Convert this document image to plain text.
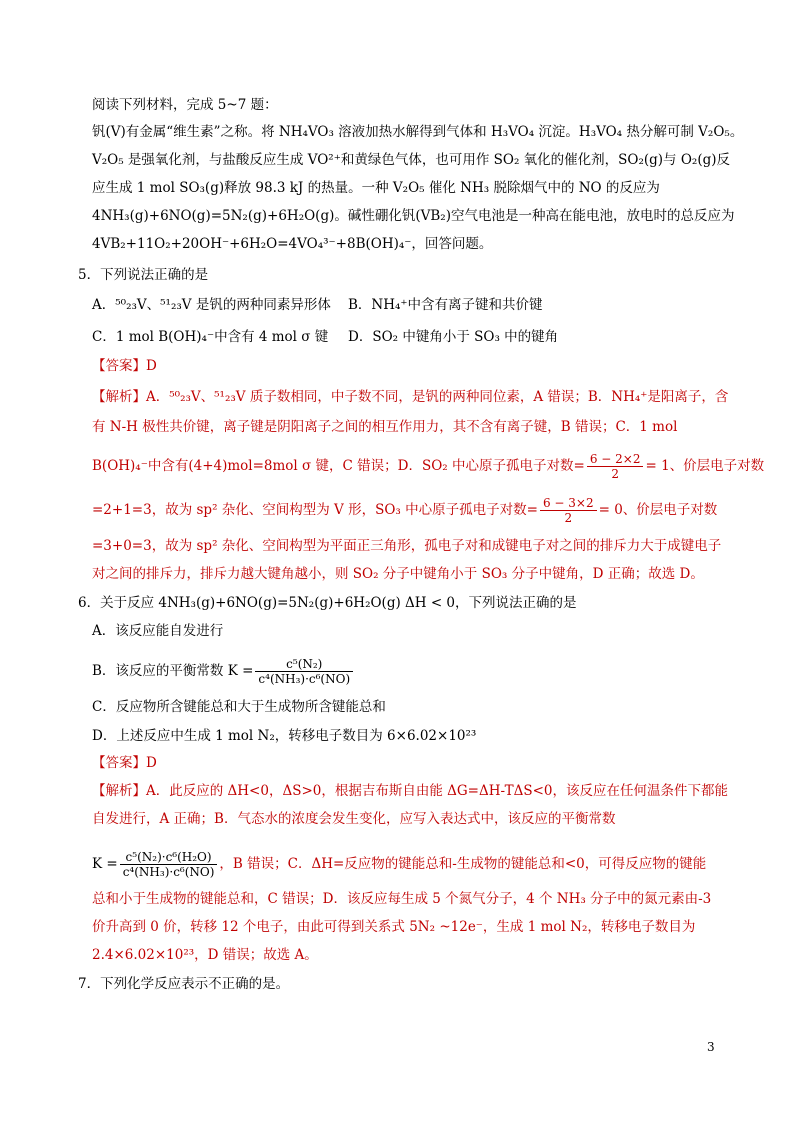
阅读下列材料，完成 5~7 题：
钒(V)有金属“维生素”之称。将 NH₄VO₃ 溶液加热水解得到气体和 H₃VO₄ 沉淀。H₃VO₄ 热分解可制 V₂O₅。
V₂O₅ 是强氧化剂，与盐酸反应生成 VO²⁺和黄绿色气体，也可用作 SO₂ 氧化的催化剂，SO₂(g)与 O₂(g)反
应生成 1 mol SO₃(g)释放 98.3 kJ 的热量。一种 V₂O₅ 催化 NH₃ 脱除烟气中的 NO 的反应为
4NH₃(g)+6NO(g)=5N₂(g)+6H₂O(g)。碱性硼化钒(VB₂)空气电池是一种高在能电池，放电时的总反应为
4VB₂+11O₂+20OH⁻+6H₂O=4VO₄³⁻+8B(OH)₄⁻，回答问题。
5．下列说法正确的是
A．⁵⁰₂₃V、⁵¹₂₃V 是钒的两种同素异形体 B．NH₄⁺中含有离子键和共价键
C．1 mol B(OH)₄⁻中含有 4 mol σ 键 D．SO₂ 中键角小于 SO₃ 中的键角
【答案】D
【解析】A．⁵⁰₂₃V、⁵¹₂₃V 质子数相同，中子数不同，是钒的两种同位素，A 错误；B．NH₄⁺是阳离子，含
有 N-H 极性共价键，离子键是阴阳离子之间的相互作用力，其不含有离子键，B 错误；C．1 mol
B(OH)₄⁻中含有(4+4)mol=8mol σ 键，C 错误；D．SO₂ 中心原子孤电子对数= $\frac{6 - 2\times 2}{2} = 1$、价层电子对数
=2+1=3，故为 sp² 杂化、空间构型为 V 形，SO₃ 中心原子孤电子对数= $\frac{6 - 3\times 2}{2} = 0$、价层电子对数
=3+0=3，故为 sp² 杂化、空间构型为平面正三角形，孤电子对和成键电子对之间的排斥力大于成键电子
对之间的排斥力，排斥力越大键角越小，则 SO₂ 分子中键角小于 SO₃ 分子中键角，D 正确；故选 D。
6．关于反应 4NH₃(g)+6NO(g)=5N₂(g)+6H₂O(g) ΔH < 0，下列说法正确的是
A．该反应能自发进行
B．该反应的平衡常数 $K = \frac{\text{c⁵(N₂)}}{\text{c⁴(NH₃)·c⁶(NO)}}$
C．反应物所含键能总和大于生成物所含键能总和
D．上述反应中生成 1 mol N₂，转移电子数目为 6×6.02×10²³
【答案】D
【解析】A．此反应的 ΔH<0，ΔS>0，根据吉布斯自由能 ΔG=ΔH-TΔS<0，该反应在任何温条件下都能
自发进行，A 正确；B．气态水的浓度会发生变化，应写入表达式中，该反应的平衡常数
$K = \frac{\text{c⁵(N₂)·c⁶(H₂O)}}{\text{c⁴(NH₃)·c⁶(NO)}}$ ，B 错误；C．ΔH=反应物的键能总和-生成物的键能总和<0，可得反应物的键能
总和小于生成物的键能总和，C 错误；D．该反应每生成 5 个氮气分子，4 个 NH₃ 分子中的氮元素由-3
价升高到 0 价，转移 12 个电子，由此可得到关系式 5N₂ ~12e⁻，生成 1 mol N₂，转移电子数目为
2.4×6.02×10²³，D 错误；故选 A。
7．下列化学反应表示不正确的是。
3
